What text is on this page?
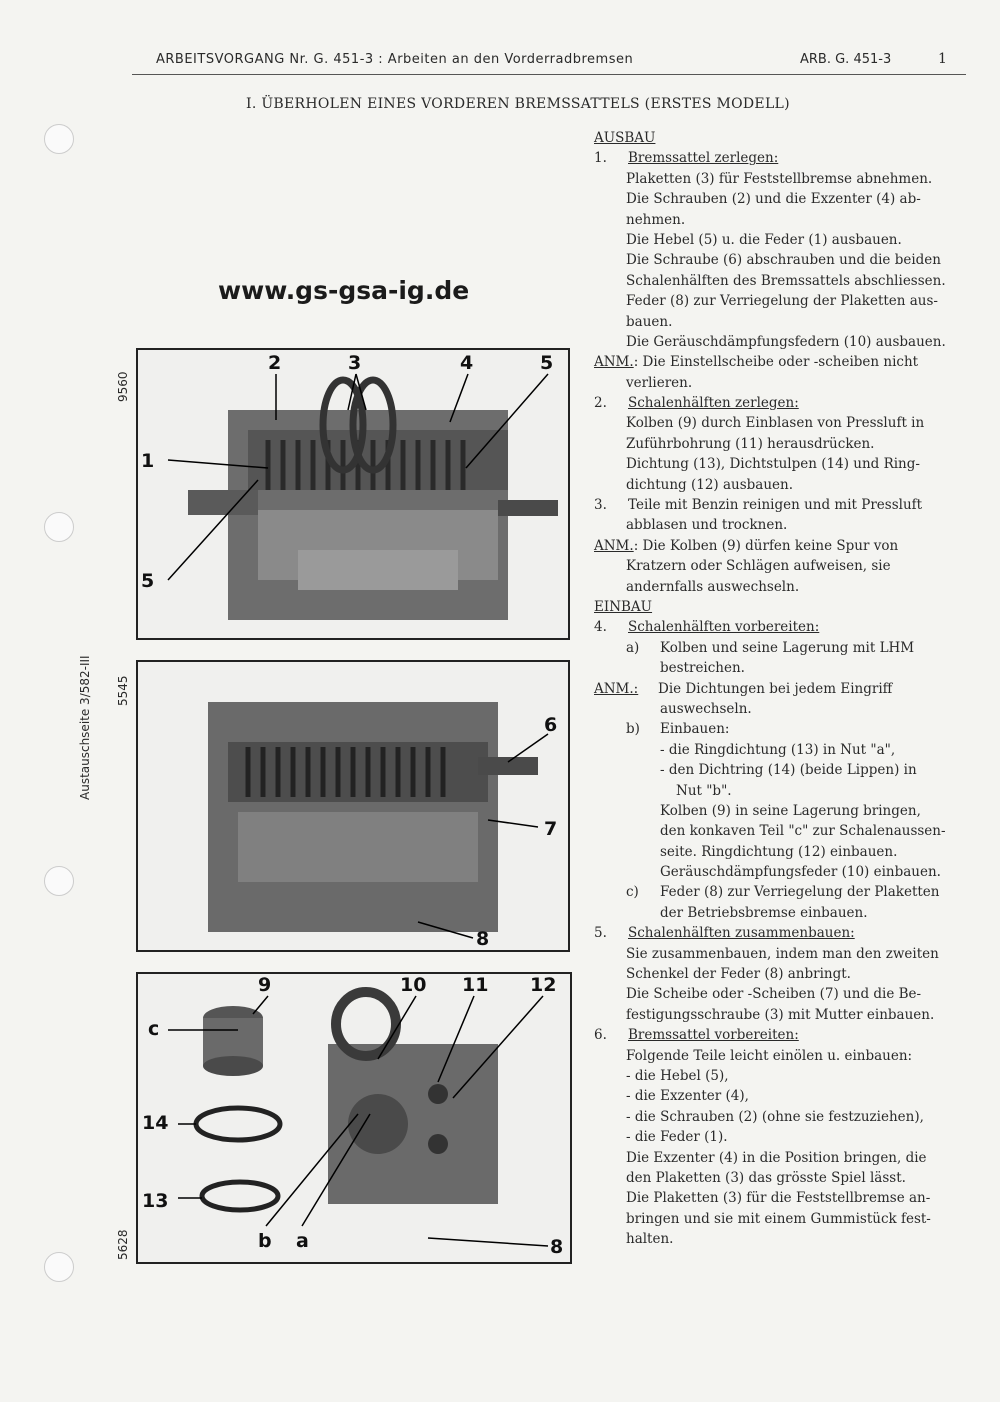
ARBEITSVORGANG Nr. G. 451-3 : Arbeiten an den Vorderradbremsen	ARB. G. 451-3	1
I. ÜBERHOLEN EINES VORDEREN BREMSSATTELS (ERSTES MODELL)
www.gs-gsa-ig.de
Austauschseite 3/582-III
9560
1
2	3	4	5
5
5545
6
7
8
5628
9	10 11 12
c
14
13
b a	8
AUSBAU
1. Bremssattel zerlegen:
Plaketten (3) für Feststellbremse abnehmen.
Die Schrauben (2) und die Exzenter (4) ab-
nehmen.
Die Hebel (5) u. die Feder (1) ausbauen.
Die Schraube (6) abschrauben und die beiden
Schalenhälften des Bremssattels abschliessen.
Feder (8) zur Verriegelung der Plaketten aus-
bauen.
Die Geräuschdämpfungsfedern (10) ausbauen.
ANM.: Die Einstellscheibe oder -scheiben nicht
verlieren.
2. Schalenhälften zerlegen:
Kolben (9) durch Einblasen von Pressluft in
Zuführbohrung (11) herausdrücken.
Dichtung (13), Dichtstulpen (14) und Ring-
dichtung (12) ausbauen.
3. Teile mit Benzin reinigen und mit Pressluft
abblasen und trocknen.
ANM.: Die Kolben (9) dürfen keine Spur von
Kratzern oder Schlägen aufweisen, sie
andernfalls auswechseln.
EINBAU
4. Schalenhälften vorbereiten:
a) Kolben und seine Lagerung mit LHM
bestreichen.
ANM.: Die Dichtungen bei jedem Eingriff
auswechseln.
b) Einbauen:
- die Ringdichtung (13) in Nut "a",
- den Dichtring (14) (beide Lippen) in
Nut "b".
Kolben (9) in seine Lagerung bringen,
den konkaven Teil "c" zur Schalenaussen-
seite. Ringdichtung (12) einbauen.
Geräuschdämpfungsfeder (10) einbauen.
c) Feder (8) zur Verriegelung der Plaketten
der Betriebsbremse einbauen.
5. Schalenhälften zusammenbauen:
Sie zusammenbauen, indem man den zweiten
Schenkel der Feder (8) anbringt.
Die Scheibe oder -Scheiben (7) und die Be-
festigungsschraube (3) mit Mutter einbauen.
6. Bremssattel vorbereiten:
Folgende Teile leicht einölen u. einbauen:
- die Hebel (5),
- die Exzenter (4),
- die Schrauben (2) (ohne sie festzuziehen),
- die Feder (1).
Die Exzenter (4) in die Position bringen, die
den Plaketten (3) das grösste Spiel lässt.
Die Plaketten (3) für die Feststellbremse an-
bringen und sie mit einem Gummistück fest-
halten.
